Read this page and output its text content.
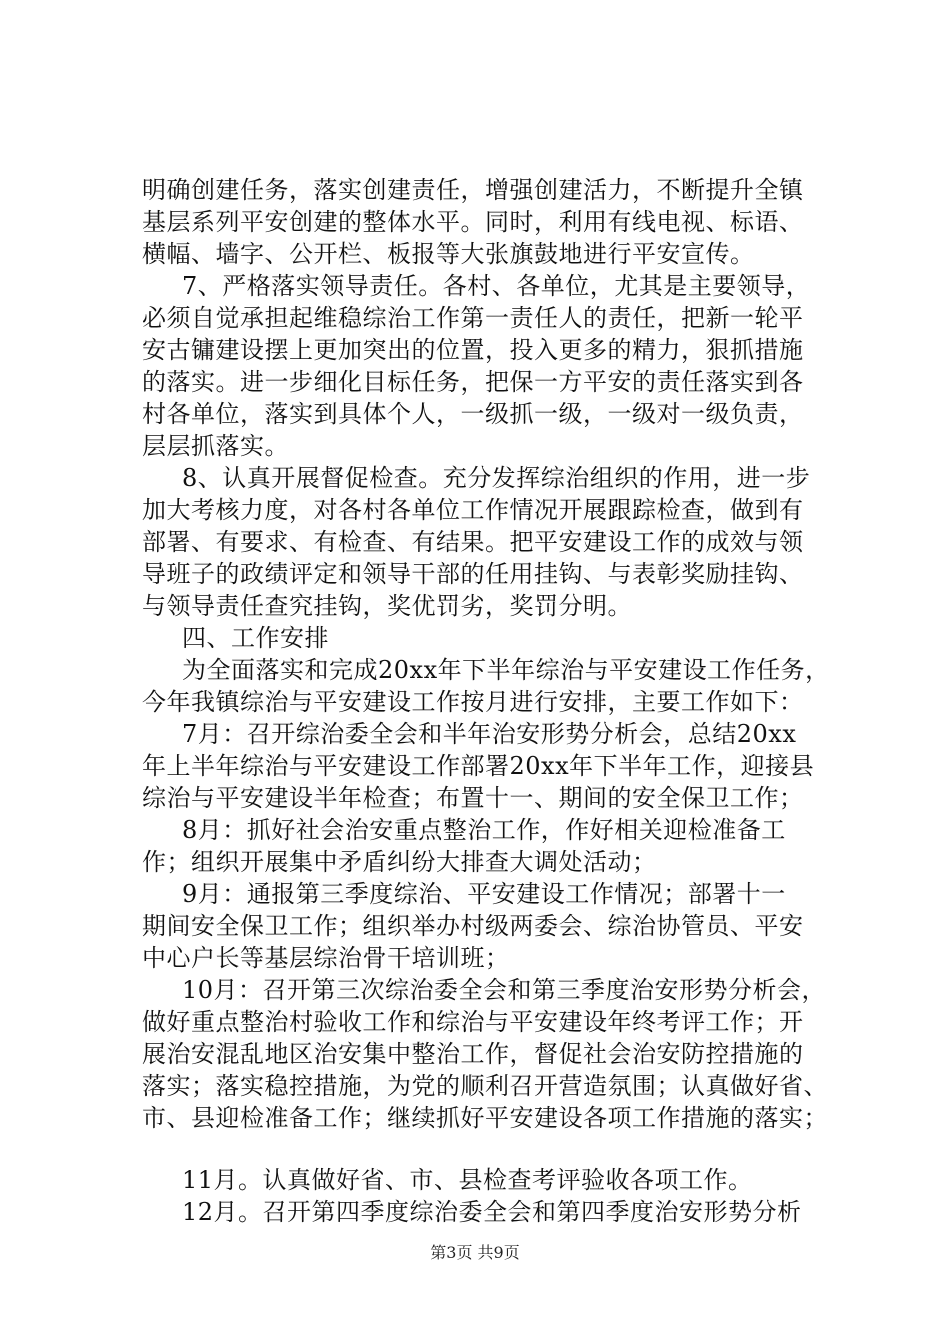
明确创建任务，落实创建责任，增强创建活力，不断提升全镇
基层系列平安创建的整体水平。同时，利用有线电视、标语、
横幅、墙字、公开栏、板报等大张旗鼓地进行平安宣传。
7、严格落实领导责任。各村、各单位，尤其是主要领导，
必须自觉承担起维稳综治工作第一责任人的责任，把新一轮平
安古镛建设摆上更加突出的位置，投入更多的精力，狠抓措施
的落实。进一步细化目标任务，把保一方平安的责任落实到各
村各单位，落实到具体个人，一级抓一级，一级对一级负责，
层层抓落实。
8、认真开展督促检查。充分发挥综治组织的作用，进一步
加大考核力度，对各村各单位工作情况开展跟踪检查，做到有
部署、有要求、有检查、有结果。把平安建设工作的成效与领
导班子的政绩评定和领导干部的任用挂钩、与表彰奖励挂钩、
与领导责任查究挂钩，奖优罚劣，奖罚分明。
四、工作安排
为全面落实和完成20xx年下半年综治与平安建设工作任务，
今年我镇综治与平安建设工作按月进行安排，主要工作如下：
7月：召开综治委全会和半年治安形势分析会，总结20xx
年上半年综治与平安建设工作部署20xx年下半年工作，迎接县
综治与平安建设半年检查；布置十一、期间的安全保卫工作；
8月：抓好社会治安重点整治工作，作好相关迎检准备工
作；组织开展集中矛盾纠纷大排查大调处活动；
9月：通报第三季度综治、平安建设工作情况；部署十一
期间安全保卫工作；组织举办村级两委会、综治协管员、平安
中心户长等基层综治骨干培训班；
10月：召开第三次综治委全会和第三季度治安形势分析会，
做好重点整治村验收工作和综治与平安建设年终考评工作；开
展治安混乱地区治安集中整治工作，督促社会治安防控措施的
落实；落实稳控措施，为党的顺利召开营造氛围；认真做好省、
市、县迎检准备工作；继续抓好平安建设各项工作措施的落实；
11月。认真做好省、市、县检查考评验收各项工作。
12月。召开第四季度综治委全会和第四季度治安形势分析
第3页 共9页
